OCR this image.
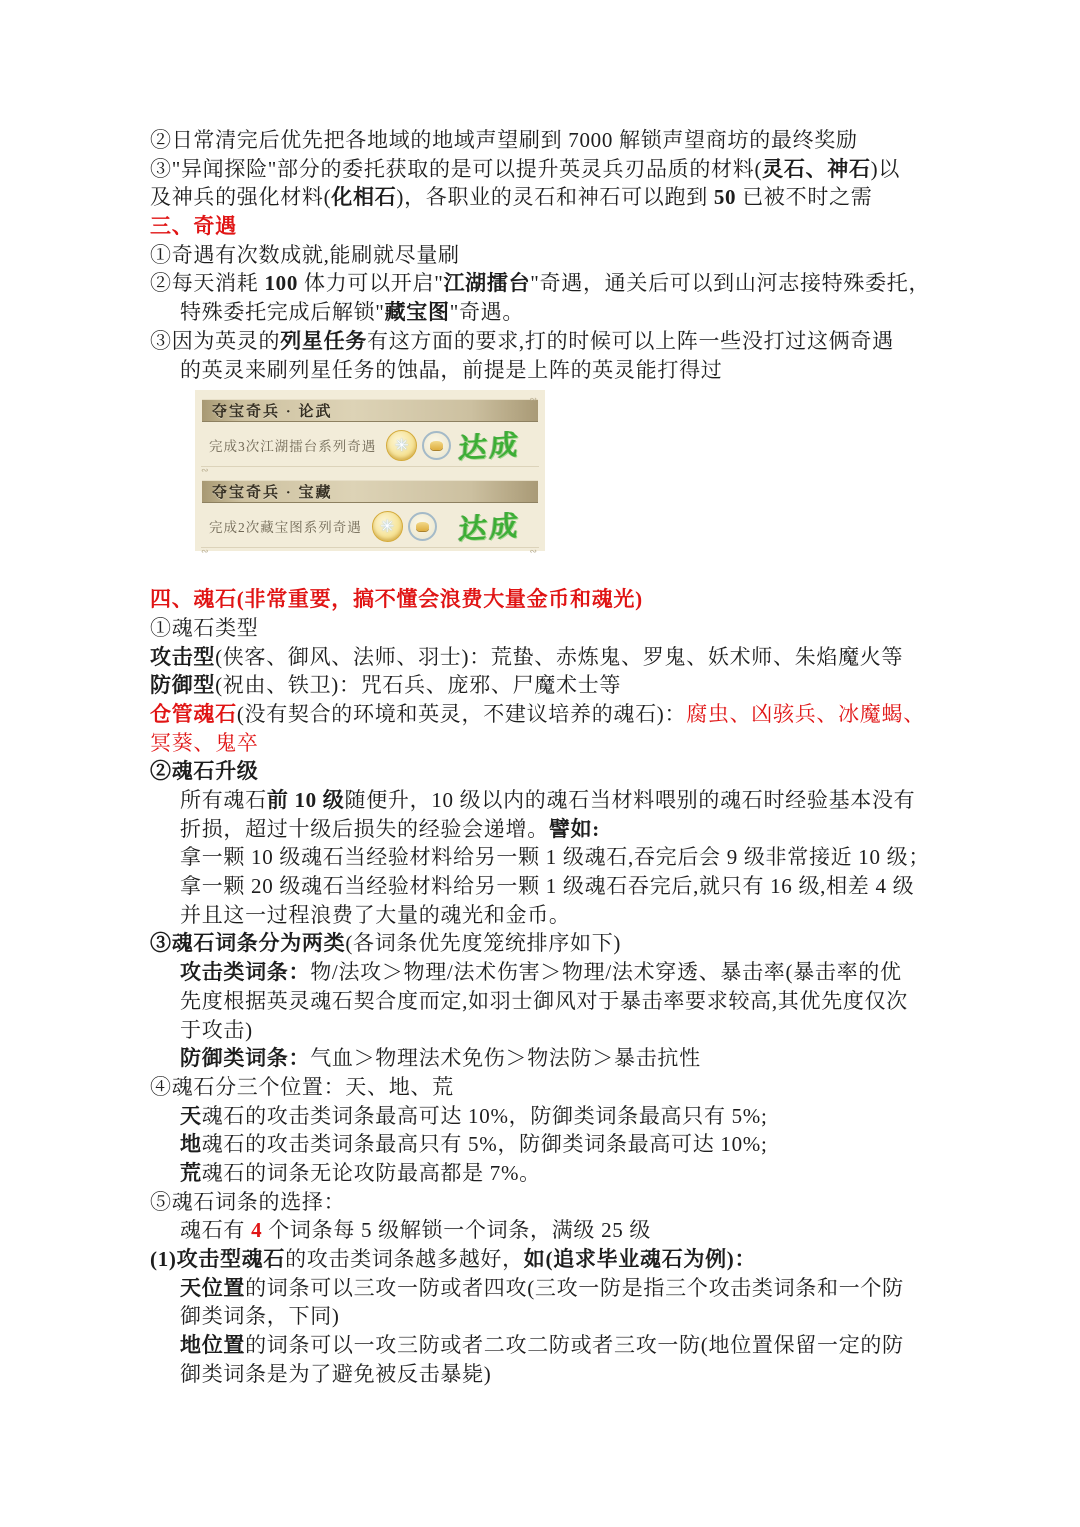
②日常清完后优先把各地域的地域声望刷到 7000 解锁声望商坊的最终奖励

③"异闻探险"部分的委托获取的是可以提升英灵兵刃品质的材料(灵石、神石)以

及神兵的强化材料(化相石)，各职业的灵石和神石可以跑到 50 已被不时之需

三、奇遇

①奇遇有次数成就,能刷就尽量刷

②每天消耗 100 体力可以开启"江湖擂台"奇遇，通关后可以到山河志接特殊委托，

特殊委托完成后解锁"藏宝图"奇遇。

③因为英灵的列星任务有这方面的要求,打的时候可以上阵一些没打过这俩奇遇

的英灵来刷列星任务的蚀晶，前提是上阵的英灵能打得过

夺宝奇兵 · 论武
完成3次江湖擂台系列奇遇 ✳ 达成
∾
∾
夺宝奇兵 · 宝藏
完成2次藏宝图系列奇遇 ✳ 达成
∾	∾

四、魂石(非常重要，搞不懂会浪费大量金币和魂光)

①魂石类型

攻击型(侠客、御风、法师、羽士)：荒蛰、赤炼鬼、罗鬼、妖术师、朱焰魔火等

防御型(祝由、铁卫)：咒石兵、庞邪、尸魔术士等

仓管魂石(没有契合的环境和英灵，不建议培养的魂石)：腐虫、凶骇兵、冰魔蝎、

冥葵、鬼卒

②魂石升级

所有魂石前 10 级随便升，10 级以内的魂石当材料喂别的魂石时经验基本没有

折损，超过十级后损失的经验会递增。譬如:

拿一颗 10 级魂石当经验材料给另一颗 1 级魂石,吞完后会 9 级非常接近 10 级；

拿一颗 20 级魂石当经验材料给另一颗 1 级魂石吞完后,就只有 16 级,相差 4 级

并且这一过程浪费了大量的魂光和金币。

③魂石词条分为两类(各词条优先度笼统排序如下)

攻击类词条：物/法攻＞物理/法术伤害＞物理/法术穿透、暴击率(暴击率的优

先度根据英灵魂石契合度而定,如羽士御风对于暴击率要求较高,其优先度仅次

于攻击)

防御类词条：气血＞物理法术免伤＞物法防＞暴击抗性

④魂石分三个位置：天、地、荒

天魂石的攻击类词条最高可达 10%，防御类词条最高只有 5%;

地魂石的攻击类词条最高只有 5%，防御类词条最高可达 10%;

荒魂石的词条无论攻防最高都是 7%。

⑤魂石词条的选择：

魂石有 4 个词条每 5 级解锁一个词条，满级 25 级

(1)攻击型魂石的攻击类词条越多越好，如(追求毕业魂石为例)：

天位置的词条可以三攻一防或者四攻(三攻一防是指三个攻击类词条和一个防

御类词条，下同)

地位置的词条可以一攻三防或者二攻二防或者三攻一防(地位置保留一定的防

御类词条是为了避免被反击暴毙)
